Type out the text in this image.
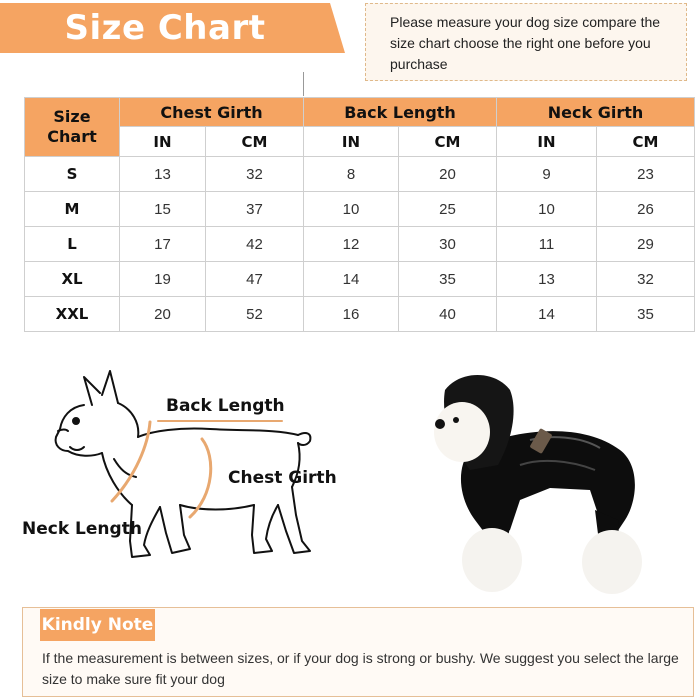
Size Chart	Please measure your dog size compare the size chart choose the right one before you purchase
Size
Chart	Chest Girth		Back Length		Neck Girth	
	IN	CM	IN	CM	IN	CM
S	13	32	8	20	9	23
M	15	37	10	25	10	26
L	17	42	12	30	11	29
XL	19	47	14	35	13	32
XXL	20	52	16	40	14	35
Back Length
Chest Girth
Neck Length
Kindly Note
If the measurement is between sizes, or if your dog is strong or bushy. We suggest you select the large size to make sure fit your dog
